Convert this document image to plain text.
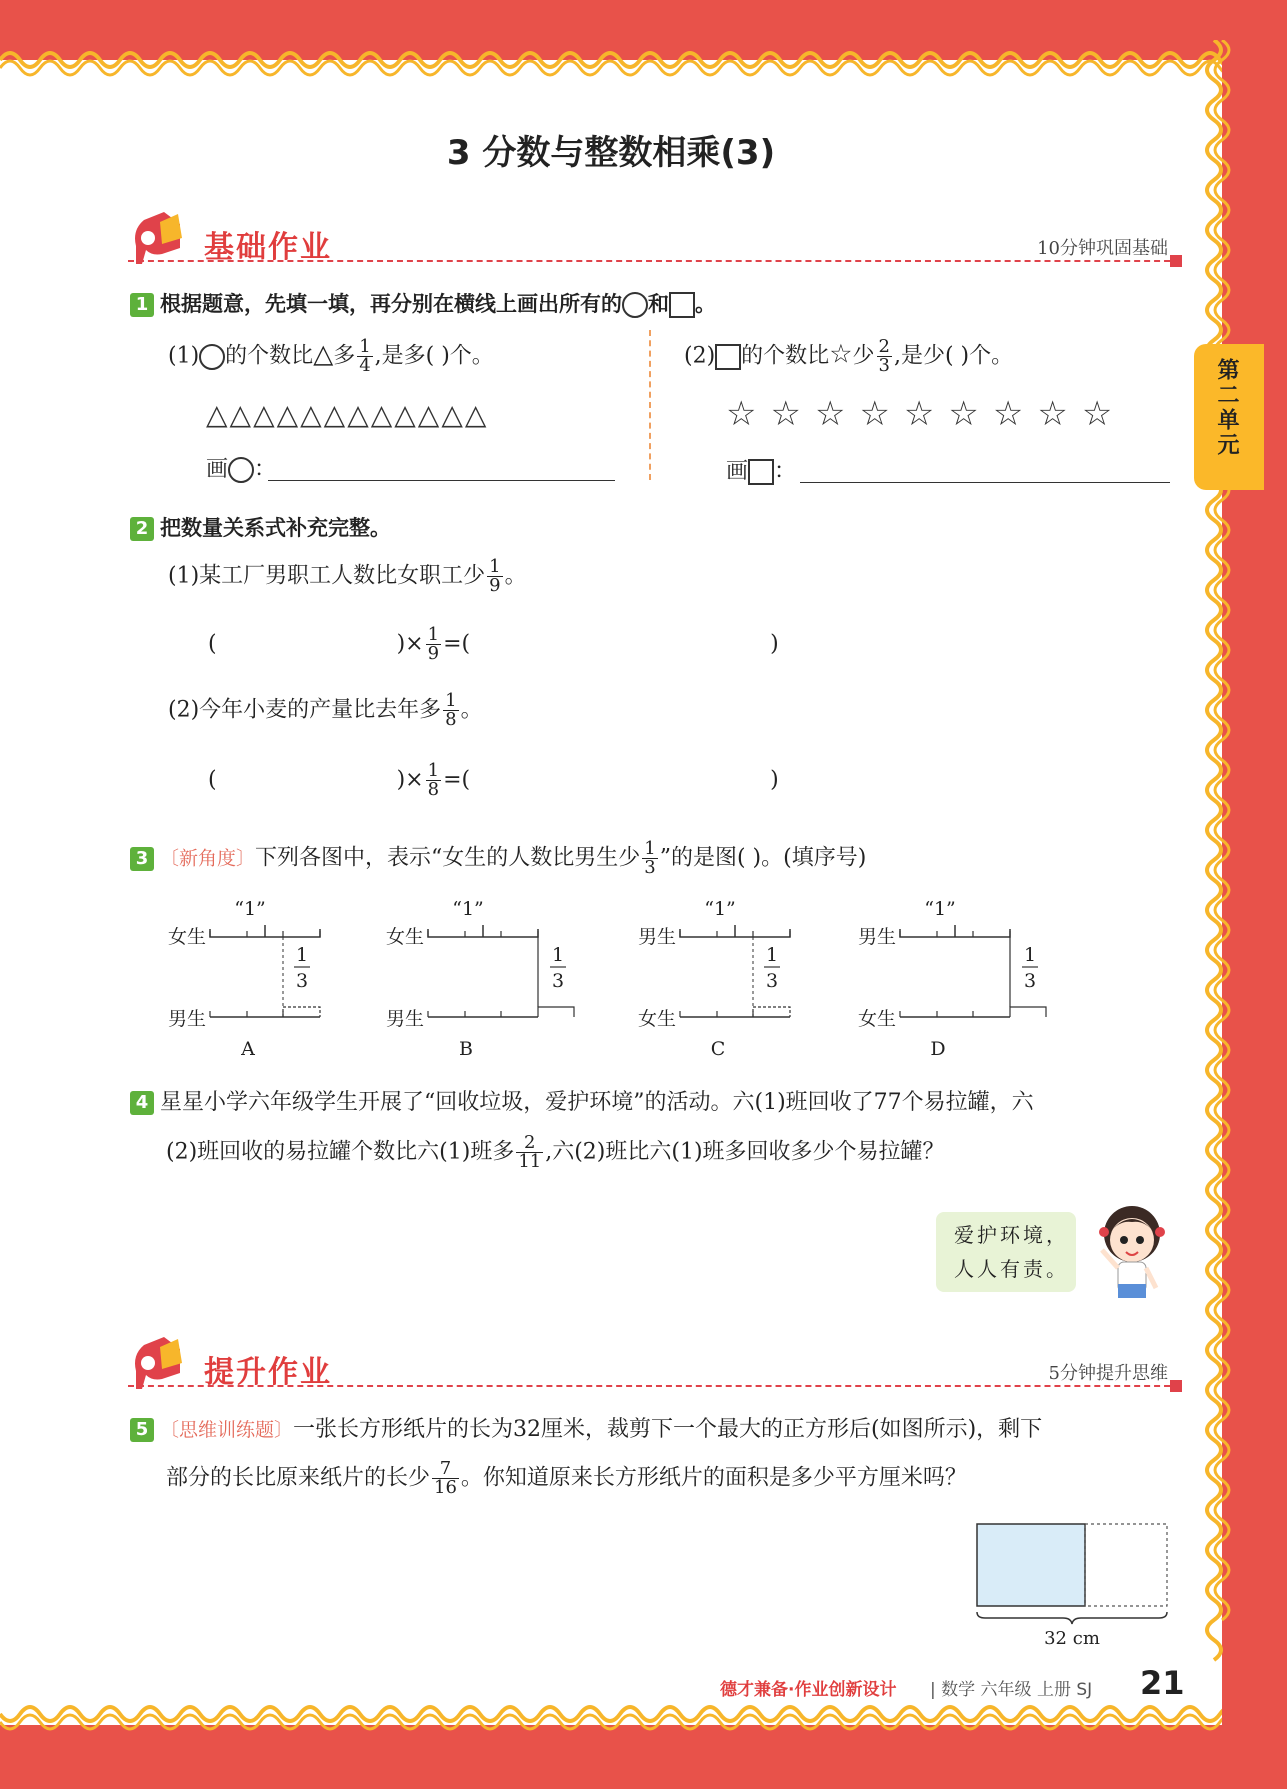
第二单元
3 分数与整数相乘(3)
基础作业	10分钟巩固基础
1 根据题意，先填一填，再分别在横线上画出所有的 和 。
(1) 的个数比△多 $\frac{1}{4}$ ,是多( )个。
△△△△△△△△△△△△
画 ：
(2) 的个数比☆少 $\frac{2}{3}$ ,是少( )个。
☆☆☆☆☆☆☆☆☆
画 ：
2 把数量关系式补充完整。
(1)某工厂男职工人数比女职工少 $\frac{1}{9}$ 。
(	)× $\frac{1}{9}$ =(	)
(2)今年小麦的产量比去年多 $\frac{1}{8}$ 。
(	)× $\frac{1}{8}$ =(	)
3 〔新角度〕下列各图中，表示“女生的人数比男生少 $\frac{1}{3}$ ”的是图( )。(填序号)
“1”
女生
男生
1
3
A
“1”
女生
男生
1
3
B
“1”
男生
女生
1
3
C
“1”
男生
女生
1
3
D
4 星星小学六年级学生开展了“回收垃圾，爱护环境”的活动。六(1)班回收了77个易拉罐，六
(2)班回收的易拉罐个数比六(1)班多 $\frac{2}{11}$ ,六(2)班比六(1)班多回收多少个易拉罐？
爱护环境，
人人有责。
提升作业	5分钟提升思维
5 〔思维训练题〕一张长方形纸片的长为32厘米，裁剪下一个最大的正方形后(如图所示)，剩下
部分的长比原来纸片的长少 $\frac{7}{16}$ 。你知道原来长方形纸片的面积是多少平方厘米吗？
32 cm
德才兼备·作业创新设计 | 数学 六年级 上册 SJ 21
